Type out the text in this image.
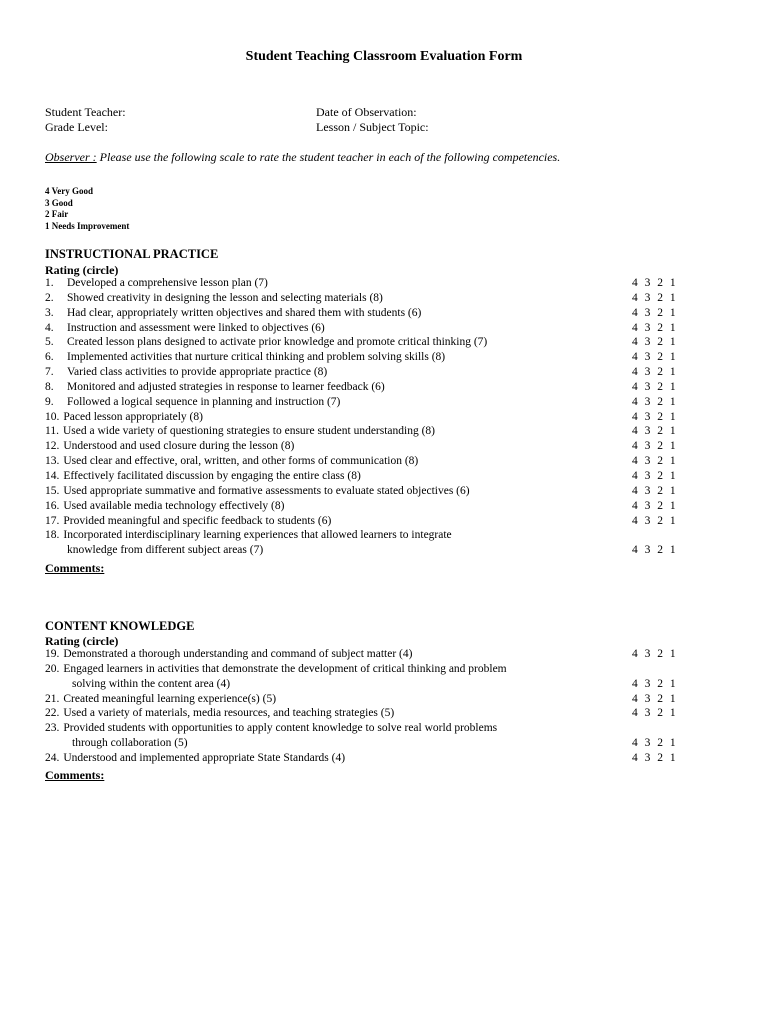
Student Teaching Classroom Evaluation Form
Student Teacher:	Date of Observation:
Grade Level:	Lesson / Subject Topic:
Observer : Please use the following scale to rate the student teacher in each of the following competencies.
4 Very Good
3 Good
2 Fair
1 Needs Improvement
INSTRUCTIONAL PRACTICE
Rating (circle)
1. Developed a comprehensive lesson plan (7)	4 3 2 1
2. Showed creativity in designing the lesson and selecting materials (8)	4 3 2 1
3. Had clear, appropriately written objectives and shared them with students (6)	4 3 2 1
4. Instruction and assessment were linked to objectives (6)	4 3 2 1
5. Created lesson plans designed to activate prior knowledge and promote critical thinking (7)	4 3 2 1
6. Implemented activities that nurture critical thinking and problem solving skills (8)	4 3 2 1
7. Varied class activities to provide appropriate practice (8)	4 3 2 1
8. Monitored and adjusted strategies in response to learner feedback (6)	4 3 2 1
9. Followed a logical sequence in planning and instruction (7)	4 3 2 1
10. Paced lesson appropriately (8)	4 3 2 1
11. Used a wide variety of questioning strategies to ensure student understanding (8)	4 3 2 1
12. Understood and used closure during the lesson (8)	4 3 2 1
13. Used clear and effective, oral, written, and other forms of communication (8)	4 3 2 1
14. Effectively facilitated discussion by engaging the entire class (8)	4 3 2 1
15. Used appropriate summative and formative assessments to evaluate stated objectives (6)	4 3 2 1
16. Used available media technology effectively (8)	4 3 2 1
17. Provided meaningful and specific feedback to students (6)	4 3 2 1
18. Incorporated interdisciplinary learning experiences that allowed learners to integrate
knowledge from different subject areas (7)	4 3 2 1
Comments:
CONTENT KNOWLEDGE
Rating (circle)
19. Demonstrated a thorough understanding and command of subject matter (4)	4 3 2 1
20. Engaged learners in activities that demonstrate the development of critical thinking and problem
solving within the content area (4)	4 3 2 1
21. Created meaningful learning experience(s) (5)	4 3 2 1
22. Used a variety of materials, media resources, and teaching strategies (5)	4 3 2 1
23. Provided students with opportunities to apply content knowledge to solve real world problems
through collaboration (5)	4 3 2 1
24. Understood and implemented appropriate State Standards (4)	4 3 2 1
Comments:
